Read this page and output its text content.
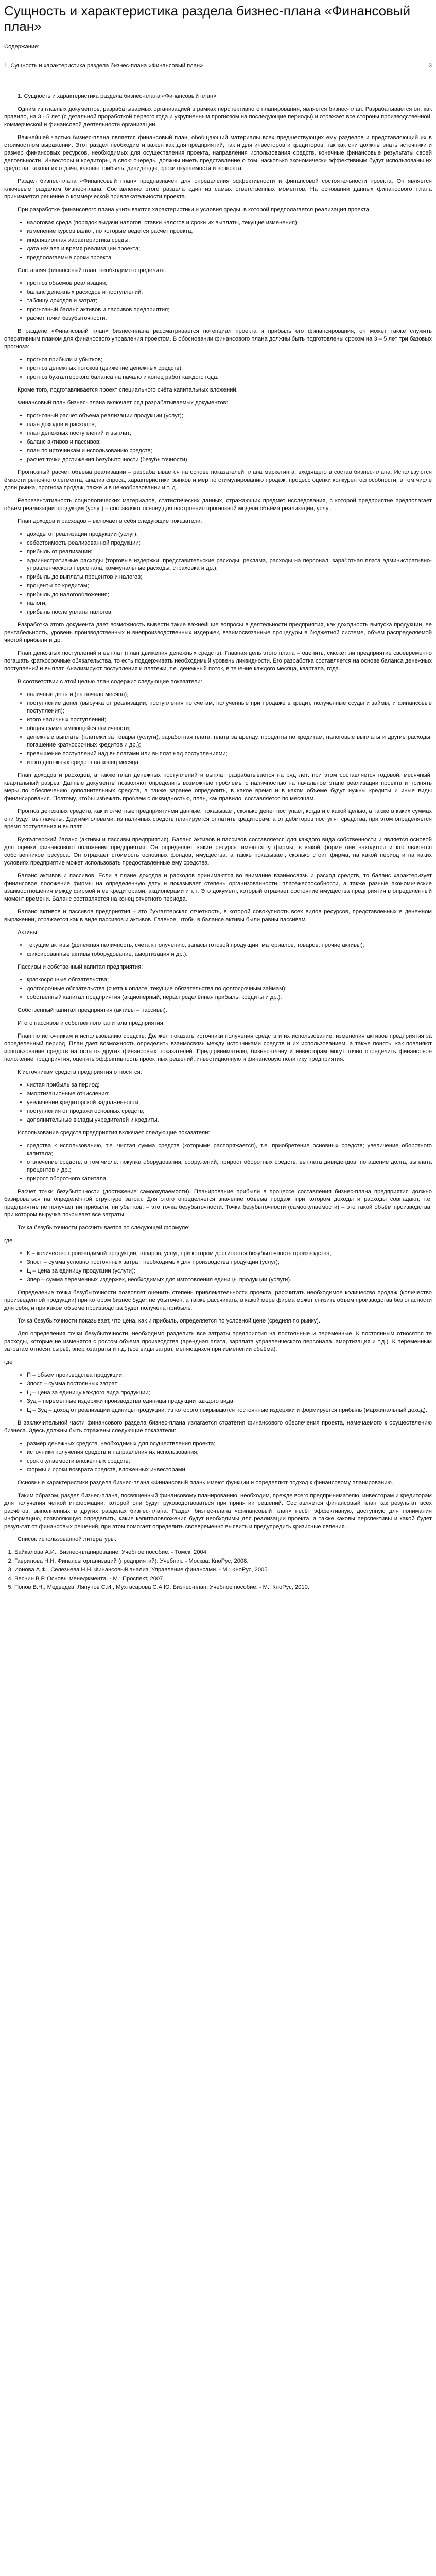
Сущность и характеристика раздела бизнес-плана «Финансовый план»

Содержание:

1. Сущность и характеристика раздела бизнес-плана «Финансовый план»	3

1. Сущность и характеристика раздела бизнес-плана «Финансовый план»

Одним из главных документов, разрабатываемых организацией в рамках перспективного планирования, является бизнес-план. Разрабатывается он, как правило, на 3 - 5 лет (с детальной проработкой первого года и укрупненным прогнозом на последующие периоды) и отражает все стороны производственной, коммерческой и финансовой деятельности организации.

Важнейшей частью бизнес-плана является финансовый план, обобщающий материалы всех предшествующих ему разделов и представляющий их в стоимостном выражении. Этот раздел необходим и важен как для предприятий, так и для инвесторов и кредиторов, так как они должны знать источники и размер финансовых ресурсов, необходимых для осуществления проекта, направления использования средств, конечные финансовые результаты своей деятельности. Инвесторы и кредиторы, в свою очередь, должны иметь представление о том, насколько экономически эффективным будут использованы их средства, какова их отдача, каковы прибыль, дивиденды, сроки окупаемости и возврата.

Раздел бизнес-плана «Финансовый план» предназначен для определения эффективности и финансовой состоятельности проекта. Он является ключевым разделом бизнес-плана. Составление этого раздела один из самых ответственных моментов. На основании данных финансового плана принимается решение о коммерческой привлекательности проекта.

При разработке финансового плана учитываются характеристики и условия среды, в которой предполагается реализация проекта:

• налоговая среда (порядок выдачи налогов, ставки налогов и сроки их выплаты, текущие изменения);
• изменение курсов валют, по которым ведется расчет проекта;
• инфляционная характеристика среды;
• дата начала и время реализации проекта;
• предполагаемые сроки проекта.

Составляя финансовый план, необходимо определить:

• прогноз объемов реализации;
• баланс денежных расходов и поступлений;
• таблицу доходов и затрат;
• прогнозный баланс активов и пассивов предприятия;
• расчет точки безубыточности.

В разделе «Финансовый план» бизнес-плана рассматривается потенциал проекта и прибыль его финансирования, он может также служить оперативным планом для финансового управления проектом. В обосновании финансового плана должны быть подготовлены сроком на 3 – 5 лет три базовых прогноза:

• прогноз прибыли и убытков;
• прогноз денежных потоков (движение денежных средств);
• прогноз бухгалтерского баланса на начало и конец работ каждого года.

Кроме того, подготавливается проект специального счёта капитальных вложений.

Финансовый план бизнес- плана включает ряд разрабатываемых документов:

• прогнозный расчет объема реализации продукции (услуг);
• план доходов и расходов;
• план денежных поступлений и выплат;
• баланс активов и пассивов;
• план по источникам и использованию средств;
• расчет точки достижения безубыточности (безубыточности).

Прогнозный расчет объема реализации – разрабатывается на основе показателей плана маркетинга, входящего в состав бизнес-плана. Используются ёмкости рыночного сегмента, анализ спроса, характеристики рынков и мер по стимулированию продаж, процесс оценки конкурентоспособности, в том числе доли рынка, прогноза продаж, также и в ценообразовании и т. д.

Репрезентативность социологических материалов, статистических данных, отражающих предмет исследования, с которой предприятие предполагает объем реализации продукции (услуг) – составляют основу для построения прогнозной модели объёма реализации, услуг.

План доходов и расходов – включает в себя следующие показатели:

• доходы от реализации продукции (услуг);
• себестоимость реализованной продукции;
• прибыль от реализации;
• административные расходы (торговые издержки, представительские расходы, реклама, расходы на персонал, заработная плата административно-управленческого персонала, коммунальные расходы, страховка и др.);
• прибыль до выплаты процентов и налогов;
• проценты по кредитам;
• прибыль до налогообложения;
• налоги;
• прибыль после уплаты налогов.

Разработка этого документа дает возможность вывести такие важнейшие вопросы в деятельности предприятия, как доходность выпуска продукции, ее рентабельность, уровень производственных и внепроизводственных издержек, взаимосвязанные процедуры в бюджетной системе, объем распределяемой чистой прибыли и др.

План денежных поступлений и выплат (план движения денежных средств). Главная цель этого плана – оценить, сможет ли предприятие своевременно погашать краткосрочные обязательства, то есть поддерживать необходимый уровень ликвидности. Его разработка составляется на основе баланса денежных поступлений и выплат. Анализируют поступления и платежи, т.е. денежный поток, в течение каждого месяца, квартала, года.

В соответствии с этой целью план содержит следующие показатели:

• наличные деньги (на начало месяца);
• поступление денег (выручка от реализации, поступления по счетам, полученные при продаже в кредит, полученные ссуды и займы, и финансовые поступления);
• итого наличных поступлений;
• общая сумма имеющейся наличности;
• денежные выплаты (платежи за товары (услуги), заработная плата, плата за аренду, проценты по кредитам, налоговые выплаты и другие расходы, погашение краткосрочных кредитов и др.);
• превышение поступлений над выплатами или выплат над поступлениями;
• итого денежных средств на конец месяца.

План доходов и расходов, а также план денежных поступлений и выплат разрабатывается на ряд лет: при этом составляется годовой, месячный, квартальный разрез. Данные документы позволяют определить возможные проблемы с наличностью на начальном этапе реализации проекта и принять меры по обеспечению дополнительных средств, а также заранее определить, в какое время и в каком объеме будут нужны кредиты и иные виды финансирования. Поэтому, чтобы избежать проблем с ликвидностью, план, как правило, составляется по месяцам.

Прогноз денежных средств, как и отчётные предприятиями данные, показывает, сколько денег поступает, когда и с какой целью, а также в каких суммах они будут выплачены. Другими словами, из наличных средств планируется оплатить кредиторам, а от дебиторов поступят средства, при этом определяется время поступления и выплат.

Бухгалтерский баланс (активы и пассивы предприятия). Баланс активов и пассивов составляется для каждого вида собственности и является основой для оценки финансового положения предприятия. Он определяет, какие ресурсы имеются у фирмы, в какой форме они находятся и кто является собственником ресурса. Он отражает стоимость основных фондов, имущества, а также показывает, сколько стоит фирма, на какой период и на каких условиях предприятие может использовать предоставленные ему средства.

Баланс активов и пассивов. Если в плане доходов и расходов принимаются во внимание взаимосвязь и расход средств, то баланс характеризует финансовое положение фирмы на определенную дату и показывает степень организованности, платёжеспособности, а также разные экономические взаимоотношения между фирмой и ее кредиторами, акционерами и т.п. Это документ, который отражает состояние имущества предприятия в определенный момент времени. Баланс составляется на конец отчетного периода.

Баланс активов и пассивов предприятия – это бухгалтерская отчётность, в которой совокупность всех видов ресурсов, представленных в денежном выражении, отражается как в виде пассивов и активов. Главное, чтобы в балансе активы были равны пассивам.

Активы:

• текущие активы (денежная наличность, счета к получению, запасы готовой продукции, материалов, товаров, прочие активы);
• фиксированные активы (оборудование, амортизация и др.).

Пассивы и собственный капитал предприятия:

• краткосрочные обязательства;
• долгосрочные обязательства (счета к оплате, текущие обязательства по долгосрочным займам);
• собственный капитал предприятия (акционерный, нераспределённая прибыль, кредиты и др.).

Собственный капитал предприятия (активы – пассивы).

Итого пассивов и собственного капитала предприятия.

План по источникам и использованию средств. Должен показать источники получения средств и их использование, изменения активов предприятия за определенный период. План дает возможность определить взаимосвязь между источниками средств и их использованием, а также понять, как повлияют использование средств на остаток других финансовых показателей. Предпринимателю, бизнес-плану и инвесторам могут точно определить финансовое положение предприятия, оценить эффективность проектных решений, инвестиционную и финансовую политику предприятия.

К источникам средств предприятия относятся:

• чистая прибыль за период;
• амортизационные отчисления;
• увеличение кредиторской задолженности;
• поступления от продажи основных средств;
• дополнительные вклады учредителей и кредиты.

Использование средств предприятия включает следующие показатели:

• средства к использованию, т.е. чистая сумма средств (которыми распоряжается), т.е. приобретение основных средств; увеличение оборотного капитала;
• отвлечение средств, в том числе: покупка оборудования, сооружений; прирост оборотных средств, выплата дивидендов, погашение долга, выплата процентов и др.;
• прирост оборотного капитала.

Расчет точки безубыточности (достижение самоокупаемости). Планирование прибыли в процессе составления бизнес-плана предприятия должно базироваться на определённой структуре затрат. Для этого определяется значение объема продаж, при котором доходы и расходы совпадают, т.е. предприятие не получает ни прибыли, ни убытков, – это точка безубыточности. Точка безубыточности (самоокупаемости) – это такой объём производства, при котором выручка покрывает все затраты.

Точка безубыточности рассчитывается по следующей формуле:

где

• К – количество производимой продукции, товаров, услуг, при котором достигается безубыточность производства;
• Зпост – сумма условно постоянных затрат, необходимых для производства продукции (услуг);
• Ц – цена за единицу продукции (услуги);
• Зпер – сумма переменных издержек, необходимых для изготовления единицы продукции (услуги).

Определение точки безубыточности позволяет оценить степень привлекательности проекта, рассчитать необходимое количество продаж (количество произведённой продукции) при котором бизнес будет не убыточен, а также рассчитать, в какой мере фирма может снизить объем производства без опасности для себя, и при каком объеме производства будет получена прибыль.

Точка безубыточности показывает, что цена, как и прибыль, определяется по условной цене (средняя по рынку).

Для определения точки безубыточности, необходимо разделить все затраты предприятия на постоянные и переменные. К постоянным относятся те расходы, которые не изменятся с ростом объема производства (арендная плата, зарплата управленческого персонала, амортизация и т.д.). К переменным затратам относят сырьё, энергозатраты и т.д. (все виды затрат, меняющихся при изменении объёма).

где

• П – объем производства продукции;
• Зпост – сумма постоянных затрат;
• Ц – цена за единицу каждого вида продукции;
• Зуд – переменные издержки производства единицы продукции каждого вида;
• Ц – Зуд – доход от реализации единицы продукции, из которого покрываются постоянные издержки и формируется прибыль (маржинальный доход).

В заключительной части финансового раздела бизнес-плана излагается стратегия финансового обеспечения проекта, намечаемого к осуществлению бизнеса. Здесь должны быть отражены следующие показатели:

• размер денежных средств, необходимых для осуществления проекта;
• источники получения средств и направления их использования;
• срок окупаемости вложенных средств;
• формы и сроки возврата средств, вложенных инвесторами.

Основные характеристики раздела бизнес-плана «Финансовый план» имеют функции и определяют подход к финансовому планированию.

Таким образом, раздел бизнес-плана, посвященный финансовому планированию, необходим, прежде всего предпринимателю, инвесторам и кредиторам для получения четкой информации, которой они будут руководствоваться при принятии решений. Составляется финансовый план как результат всех расчётов, выполненных в других разделах бизнес-плана. Раздел бизнес-плана «финансовый план» несёт эффективную, доступную для понимания информацию, позволяющую определить, какие капиталовложения будут необходимы для реализации проекта, а также каковы перспективы и какой будет результат от финансовых решений, при этом помогает определить своевременно выявить и предупредить кризисные явления.

Список использованной литературы:

1. Байкалова А.И.. Бизнес-планирование: Учебное пособие. - Томск, 2004.
2. Гаврилова Н.Н. Финансы организаций (предприятий): Учебник. - Москва: КноРус, 2008.
3. Ионова А.Ф., Селезнева Н.Н. Финансовый анализ. Управление финансами. - М.: КноРус, 2005.
4. Веснин В.Р. Основы менеджмента. - М.: Проспект, 2007.
5. Попов В.Н., Медведев, Ляпунов С.И., Мухтасарова С.А.Ю. Бизнес-план: Учебное пособие. - М.: КноРус, 2010.
